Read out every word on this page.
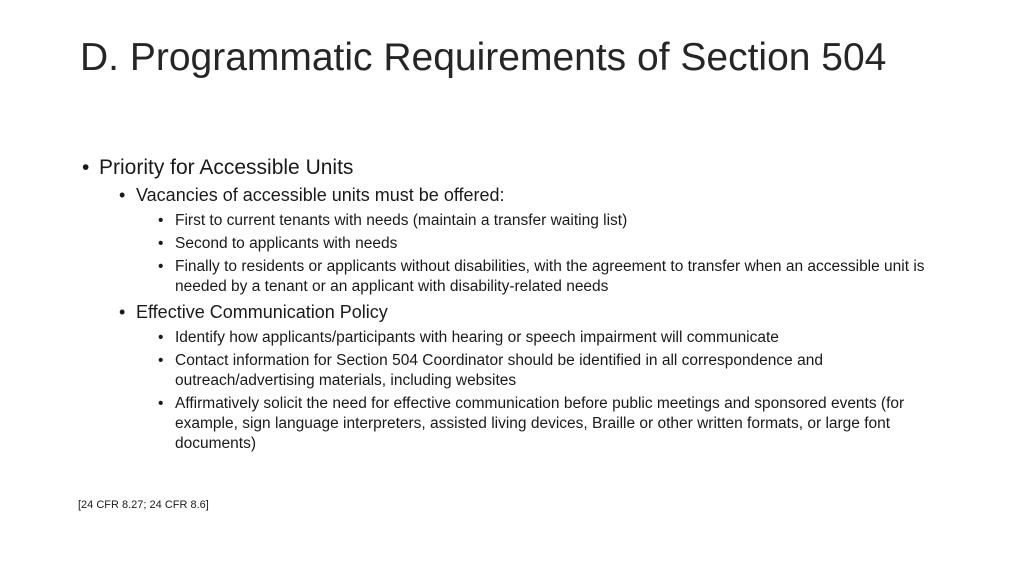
D. Programmatic Requirements of Section 504
• Priority for Accessible Units
• Vacancies of accessible units must be offered:
• First to current tenants with needs (maintain a transfer waiting list)
• Second to applicants with needs
• Finally to residents or applicants without disabilities, with the agreement to transfer when an accessible unit is needed by a tenant or an applicant with disability-related needs
• Effective Communication Policy
• Identify how applicants/participants with hearing or speech impairment will communicate
• Contact information for Section 504 Coordinator should be identified in all correspondence and outreach/advertising materials, including websites
• Affirmatively solicit the need for effective communication before public meetings and sponsored events (for example, sign language interpreters, assisted living devices, Braille or other written formats, or large font documents)
[24 CFR 8.27; 24 CFR 8.6]
